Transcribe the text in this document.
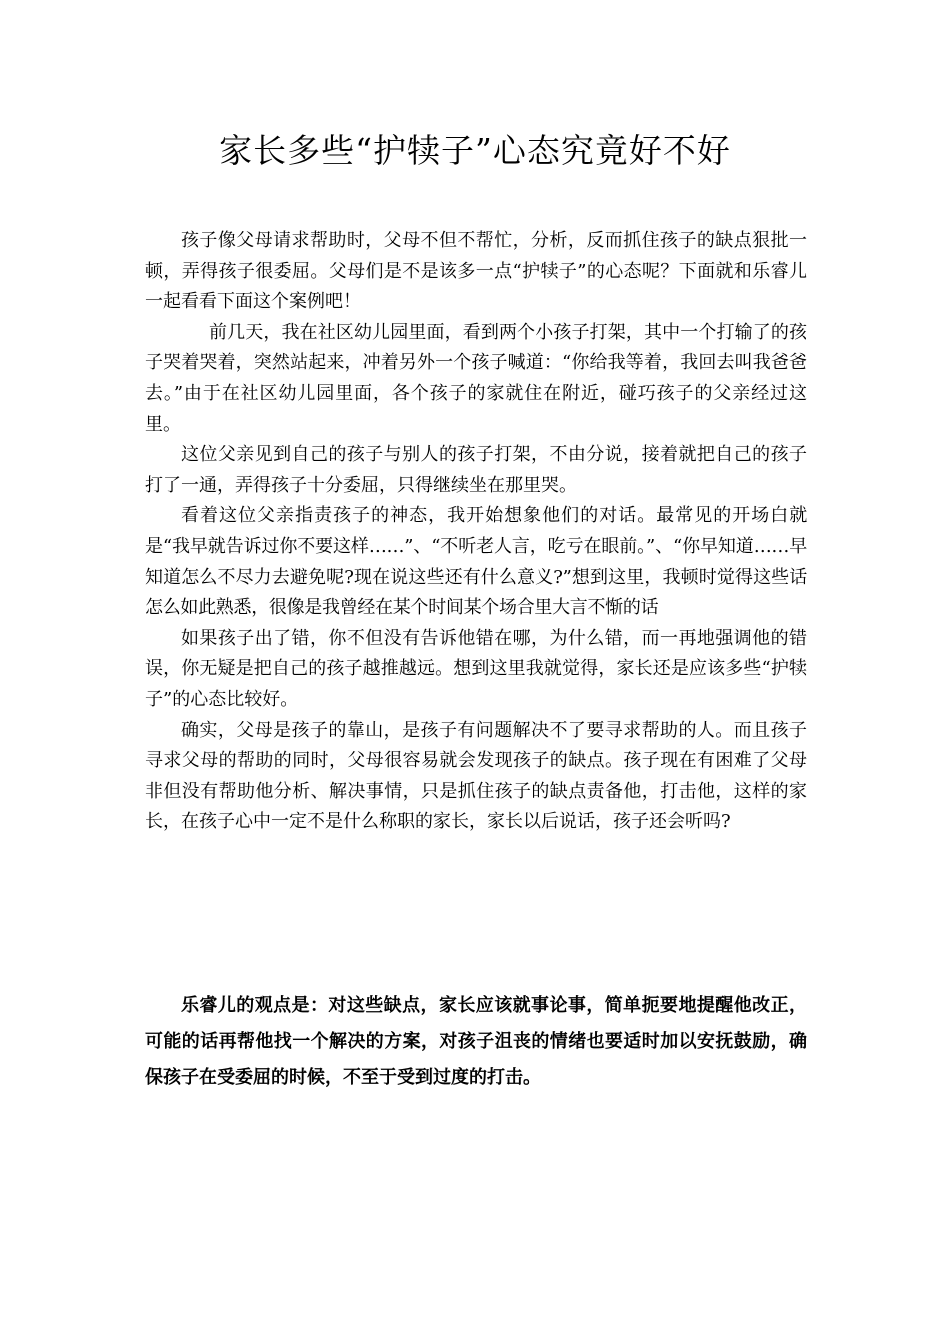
家长多些“护犊子”心态究竟好不好

孩子像父母请求帮助时，父母不但不帮忙，分析，反而抓住孩子的缺点狠批一顿，弄得孩子很委屈。父母们是不是该多一点“护犊子”的心态呢？下面就和乐睿儿一起看看下面这个案例吧！

前几天，我在社区幼儿园里面，看到两个小孩子打架，其中一个打输了的孩子哭着哭着，突然站起来，冲着另外一个孩子喊道：“你给我等着，我回去叫我爸爸去。”由于在社区幼儿园里面，各个孩子的家就住在附近，碰巧孩子的父亲经过这里。

这位父亲见到自己的孩子与别人的孩子打架，不由分说，接着就把自己的孩子打了一通，弄得孩子十分委屈，只得继续坐在那里哭。

看着这位父亲指责孩子的神态，我开始想象他们的对话。最常见的开场白就是“我早就告诉过你不要这样……”、“不听老人言，吃亏在眼前。”、“你早知道……早知道怎么不尽力去避免呢?现在说这些还有什么意义?”想到这里，我顿时觉得这些话怎么如此熟悉，很像是我曾经在某个时间某个场合里大言不惭的话

如果孩子出了错，你不但没有告诉他错在哪，为什么错，而一再地强调他的错误，你无疑是把自己的孩子越推越远。想到这里我就觉得，家长还是应该多些“护犊子”的心态比较好。

确实，父母是孩子的靠山，是孩子有问题解决不了要寻求帮助的人。而且孩子寻求父母的帮助的同时，父母很容易就会发现孩子的缺点。孩子现在有困难了父母非但没有帮助他分析、解决事情，只是抓住孩子的缺点责备他，打击他，这样的家长，在孩子心中一定不是什么称职的家长，家长以后说话，孩子还会听吗?

乐睿儿的观点是：对这些缺点，家长应该就事论事，简单扼要地提醒他改正，可能的话再帮他找一个解决的方案，对孩子沮丧的情绪也要适时加以安抚鼓励，确保孩子在受委屈的时候，不至于受到过度的打击。
